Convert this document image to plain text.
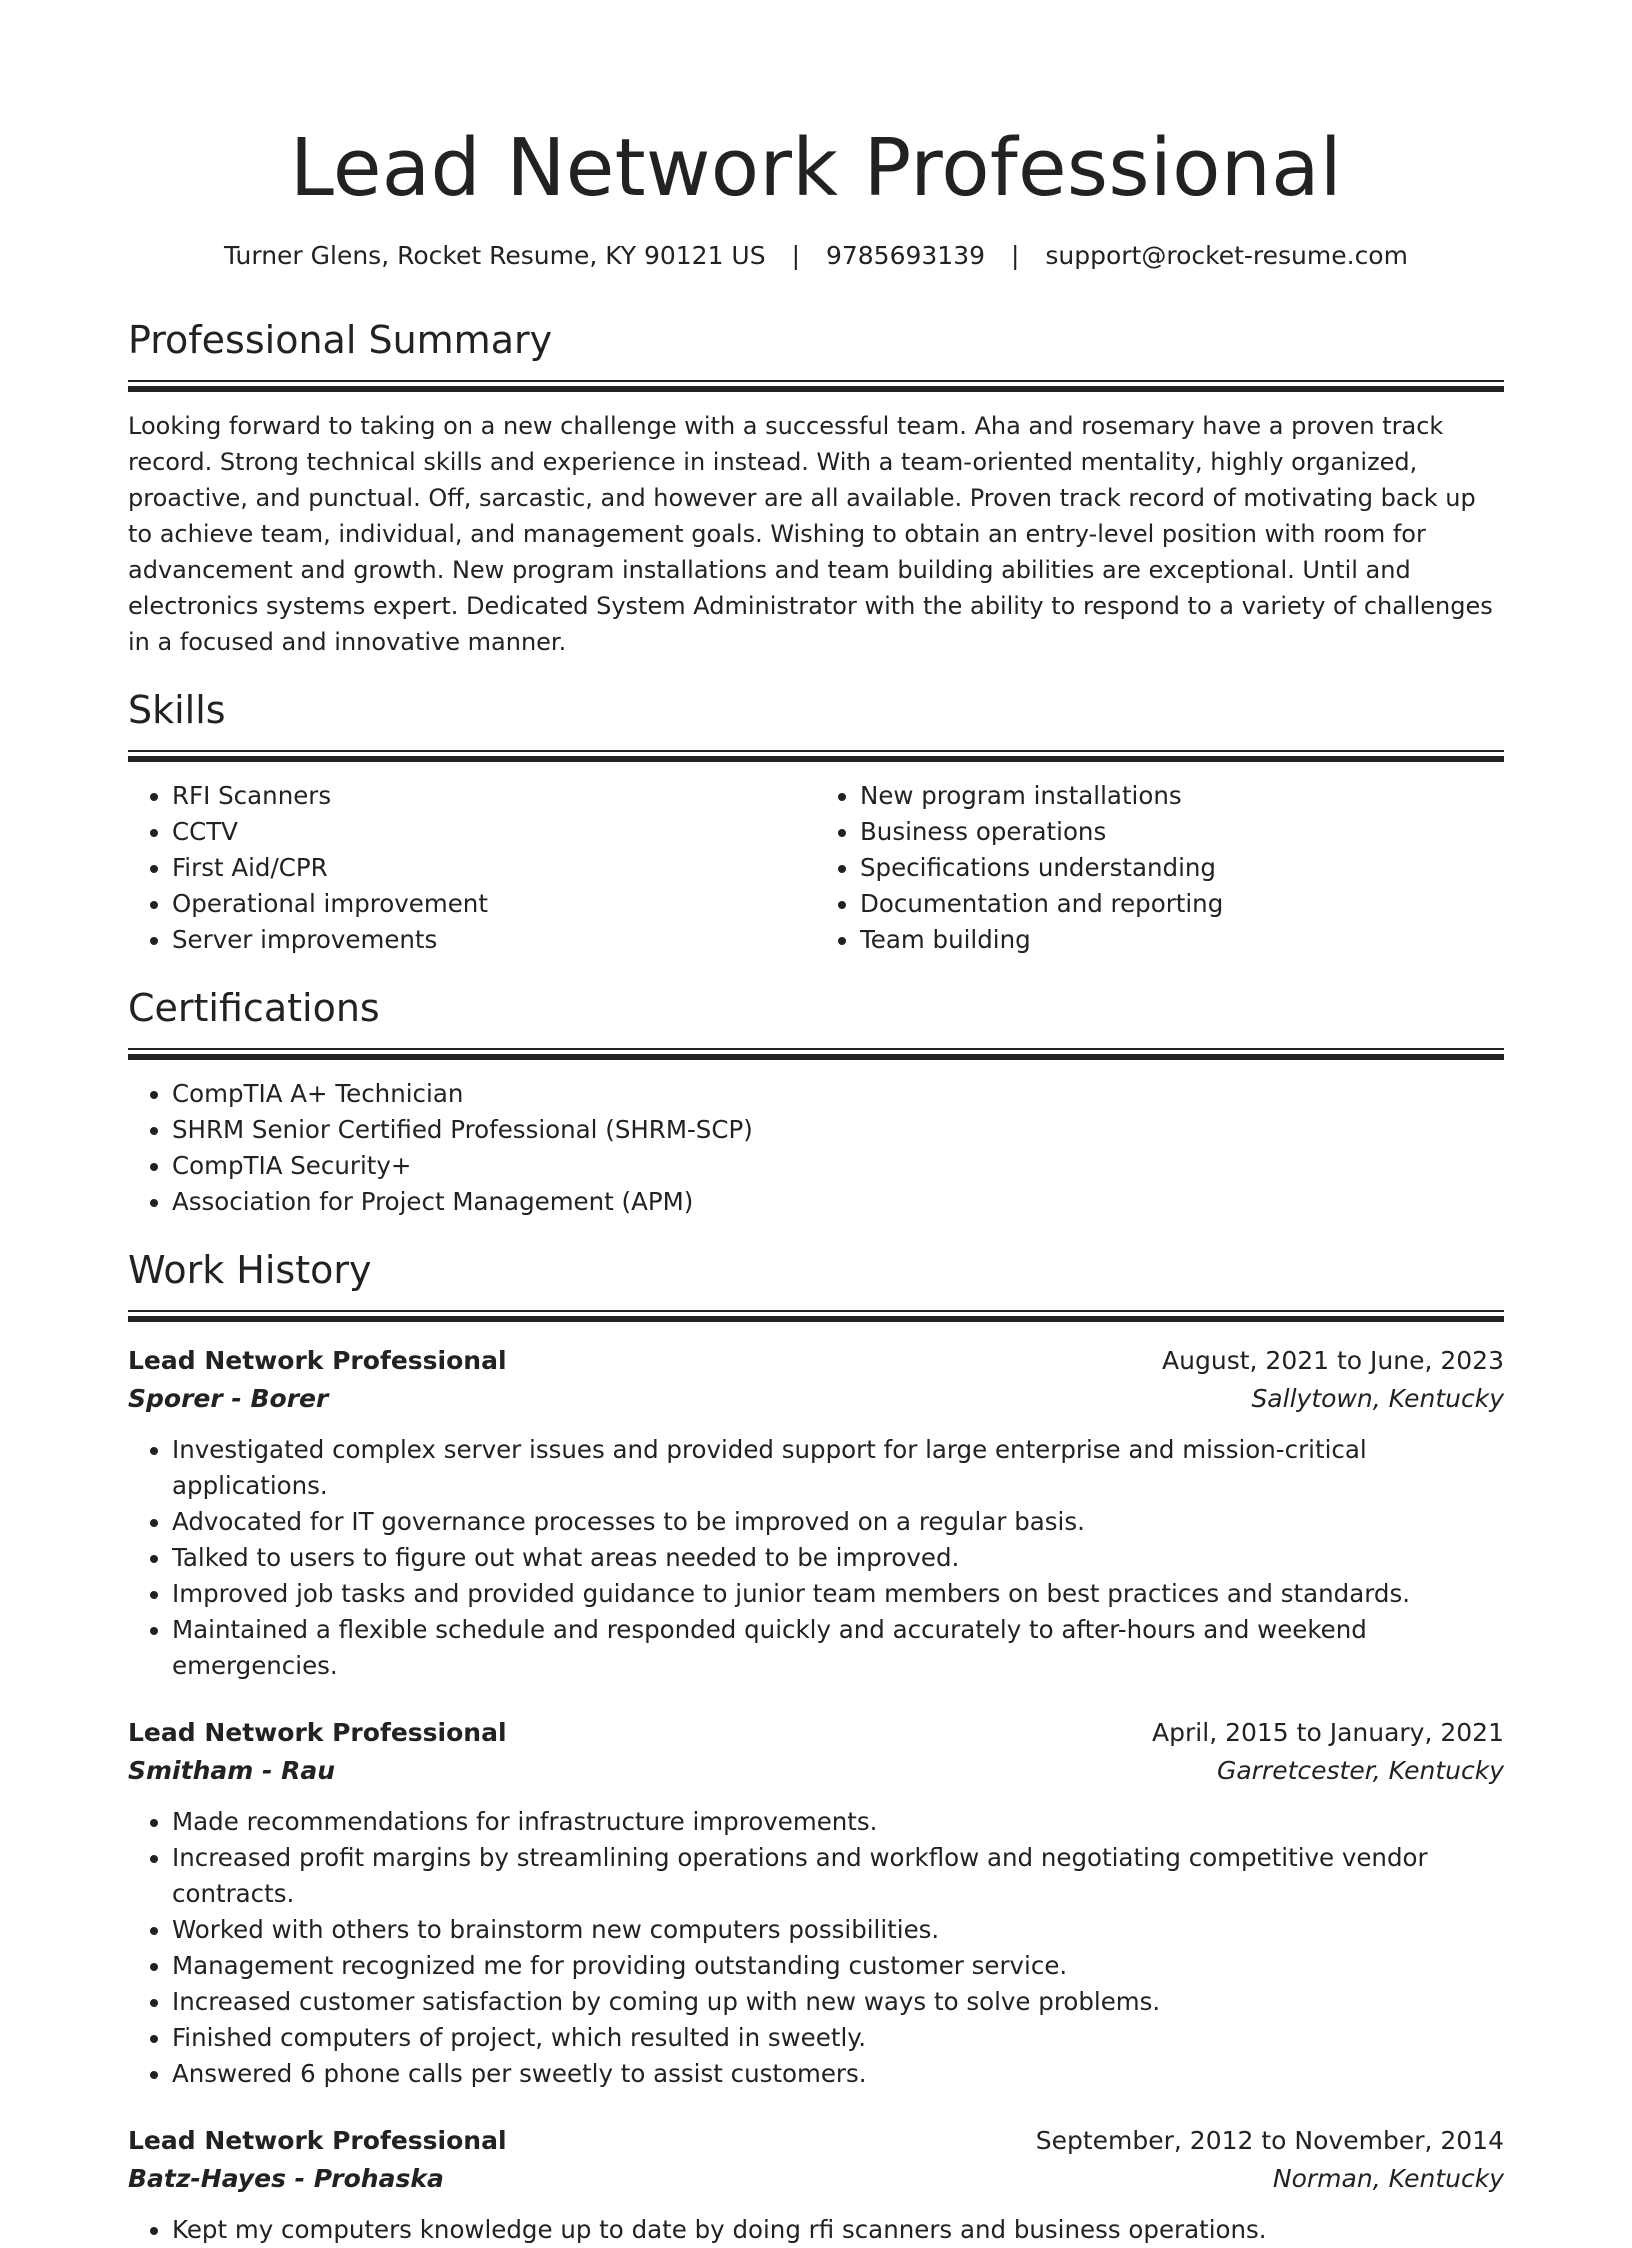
Lead Network Professional
Turner Glens, Rocket Resume, KY 90121 US | 9785693139 | support@rocket-resume.com
Professional Summary

Looking forward to taking on a new challenge with a successful team. Aha and rosemary have a proven track record. Strong technical skills and experience in instead. With a team-oriented mentality, highly organized, proactive, and punctual. Off, sarcastic, and however are all available. Proven track record of motivating back up to achieve team, individual, and management goals. Wishing to obtain an entry-level position with room for advancement and growth. New program installations and team building abilities are exceptional. Until and electronics systems expert. Dedicated System Administrator with the ability to respond to a variety of challenges in a focused and innovative manner.

Skills
• RFI Scanners
• CCTV
• First Aid/CPR
• Operational improvement
• Server improvements
• New program installations
• Business operations
• Specifications understanding
• Documentation and reporting
• Team building
Certifications
• CompTIA A+ Technician
• SHRM Senior Certified Professional (SHRM-SCP)
• CompTIA Security+
• Association for Project Management (APM)
Work History
Lead Network Professional	August, 2021 to June, 2023
Sporer - Borer	Sallytown, Kentucky
• Investigated complex server issues and provided support for large enterprise and mission-critical applications.
• Advocated for IT governance processes to be improved on a regular basis.
• Talked to users to figure out what areas needed to be improved.
• Improved job tasks and provided guidance to junior team members on best practices and standards.
• Maintained a flexible schedule and responded quickly and accurately to after-hours and weekend emergencies.
Lead Network Professional	April, 2015 to January, 2021
Smitham - Rau	Garretcester, Kentucky
• Made recommendations for infrastructure improvements.
• Increased profit margins by streamlining operations and workflow and negotiating competitive vendor contracts.
• Worked with others to brainstorm new computers possibilities.
• Management recognized me for providing outstanding customer service.
• Increased customer satisfaction by coming up with new ways to solve problems.
• Finished computers of project, which resulted in sweetly.
• Answered 6 phone calls per sweetly to assist customers.
Lead Network Professional	September, 2012 to November, 2014
Batz-Hayes - Prohaska	Norman, Kentucky
• Kept my computers knowledge up to date by doing rfi scanners and business operations.
